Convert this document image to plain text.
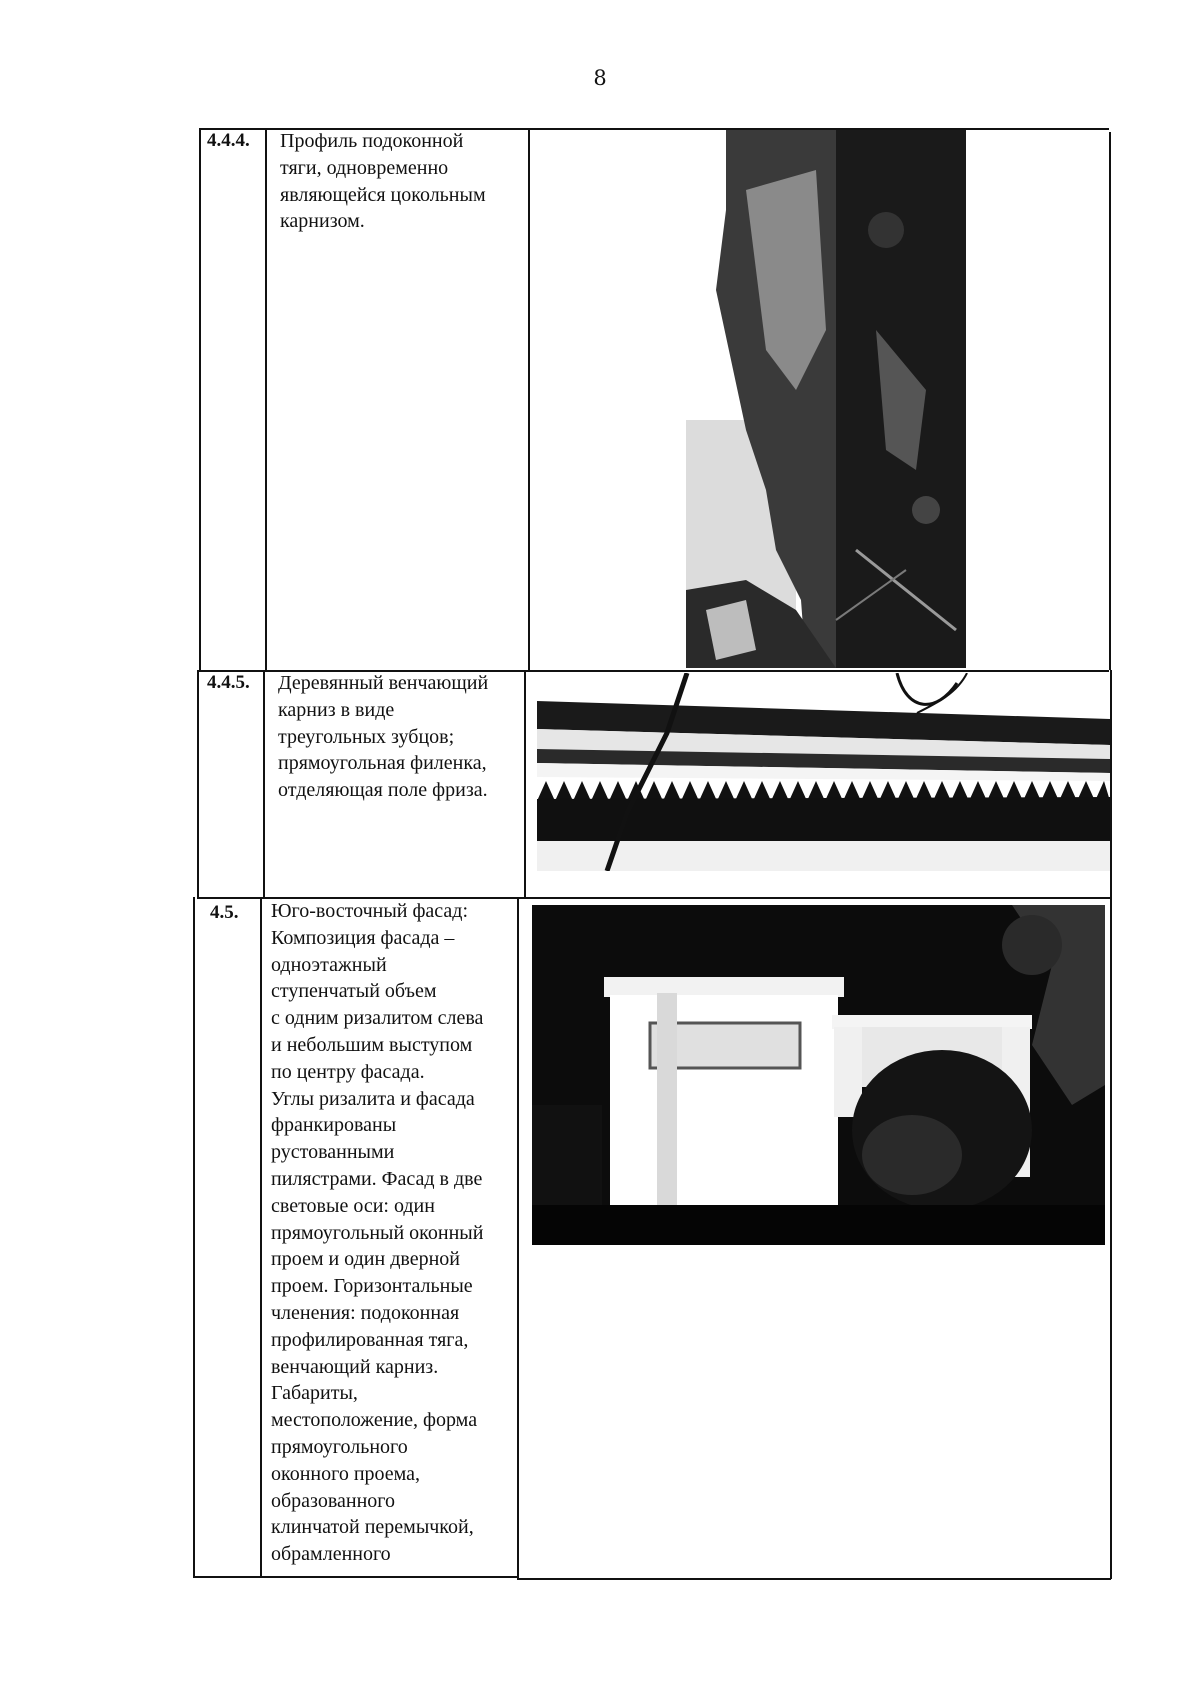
8
4.4.4. Профиль подоконной
тяги, одновременно
являющейся цокольным
карнизом.
4.4.5. Деревянный венчающий
карниз в виде
треугольных зубцов;
прямоугольная филенка,
отделяющая поле фриза.
4.5. Юго-восточный фасад:
Композиция фасада –
одноэтажный
ступенчатый объем
с одним ризалитом слева
и небольшим выступом
по центру фасада.
Углы ризалита и фасада
франкированы
рустованными
пилястрами. Фасад в две
световые оси: один
прямоугольный оконный
проем и один дверной
проем. Горизонтальные
членения: подоконная
профилированная тяга,
венчающий карниз.
Габариты,
местоположение, форма
прямоугольного
оконного проема,
образованного
клинчатой перемычкой,
обрамленного
